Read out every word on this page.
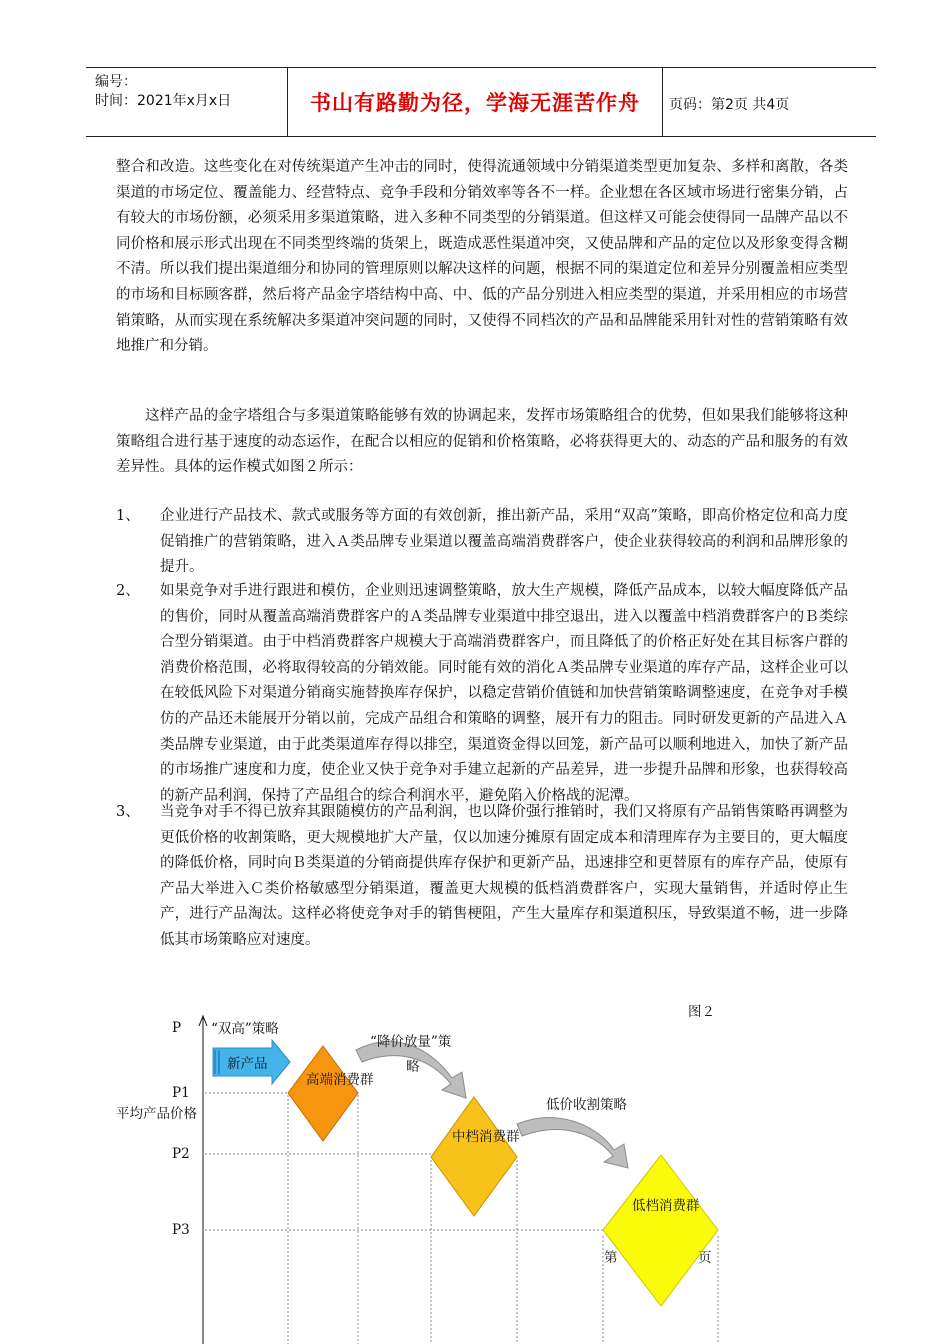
编号：
时间：2021年x月x日	书山有路勤为径，学海无涯苦作舟	页码：第2页 共4页

整合和改造。这些变化在对传统渠道产生冲击的同时，使得流通领域中分销渠道类型更加复杂、多样和离散，各类渠道的市场定位、覆盖能力、经营特点、竞争手段和分销效率等各不一样。企业想在各区域市场进行密集分销，占有较大的市场份额，必须采用多渠道策略，进入多种不同类型的分销渠道。但这样又可能会使得同一品牌产品以不同价格和展示形式出现在不同类型终端的货架上，既造成恶性渠道冲突，又使品牌和产品的定位以及形象变得含糊不清。所以我们提出渠道细分和协同的管理原则以解决这样的问题，根据不同的渠道定位和差异分别覆盖相应类型的市场和目标顾客群，然后将产品金字塔结构中高、中、低的产品分别进入相应类型的渠道，并采用相应的市场营销策略，从而实现在系统解决多渠道冲突问题的同时，又使得不同档次的产品和品牌能采用针对性的营销策略有效地推广和分销。

这样产品的金字塔组合与多渠道策略能够有效的协调起来，发挥市场策略组合的优势，但如果我们能够将这种策略组合进行基于速度的动态运作，在配合以相应的促销和价格策略，必将获得更大的、动态的产品和服务的有效差异性。具体的运作模式如图２所示：

1、 企业进行产品技术、款式或服务等方面的有效创新，推出新产品，采用“双高”策略，即高价格定位和高力度促销推广的营销策略，进入Ａ类品牌专业渠道以覆盖高端消费群客户，使企业获得较高的利润和品牌形象的提升。
2、 如果竞争对手进行跟进和模仿，企业则迅速调整策略，放大生产规模，降低产品成本，以较大幅度降低产品的售价，同时从覆盖高端消费群客户的Ａ类品牌专业渠道中排空退出，进入以覆盖中档消费群客户的Ｂ类综合型分销渠道。由于中档消费群客户规模大于高端消费群客户，而且降低了的价格正好处在其目标客户群的消费价格范围，必将取得较高的分销效能。同时能有效的消化Ａ类品牌专业渠道的库存产品，这样企业可以在较低风险下对渠道分销商实施替换库存保护，以稳定营销价值链和加快营销策略调整速度，在竞争对手模仿的产品还未能展开分销以前，完成产品组合和策略的调整，展开有力的阻击。同时研发更新的产品进入Ａ类品牌专业渠道，由于此类渠道库存得以排空，渠道资金得以回笼，新产品可以顺利地进入，加快了新产品的市场推广速度和力度，使企业又快于竞争对手建立起新的产品差异，进一步提升品牌和形象，也获得较高的新产品利润，保持了产品组合的综合利润水平，避免陷入价格战的泥潭。
3、 当竞争对手不得已放弃其跟随模仿的产品利润，也以降价强行推销时，我们又将原有产品销售策略再调整为更低价格的收割策略，更大规模地扩大产量，仅以加速分摊原有固定成本和清理库存为主要目的，更大幅度的降低价格，同时向Ｂ类渠道的分销商提供库存保护和更新产品，迅速排空和更替原有的库存产品，使原有产品大举进入Ｃ类价格敏感型分销渠道，覆盖更大规模的低档消费群客户，实现大量销售，并适时停止生产，进行产品淘汰。这样必将使竞争对手的销售梗阻，产生大量库存和渠道积压，导致渠道不畅，进一步降低其市场策略应对速度。
图２
P
平均产品价格
P1
P2
P3
“双高”策略
新产品
高端消费群
“降价放量”策
略
中档消费群
低价收割策略
低档消费群
第	页
